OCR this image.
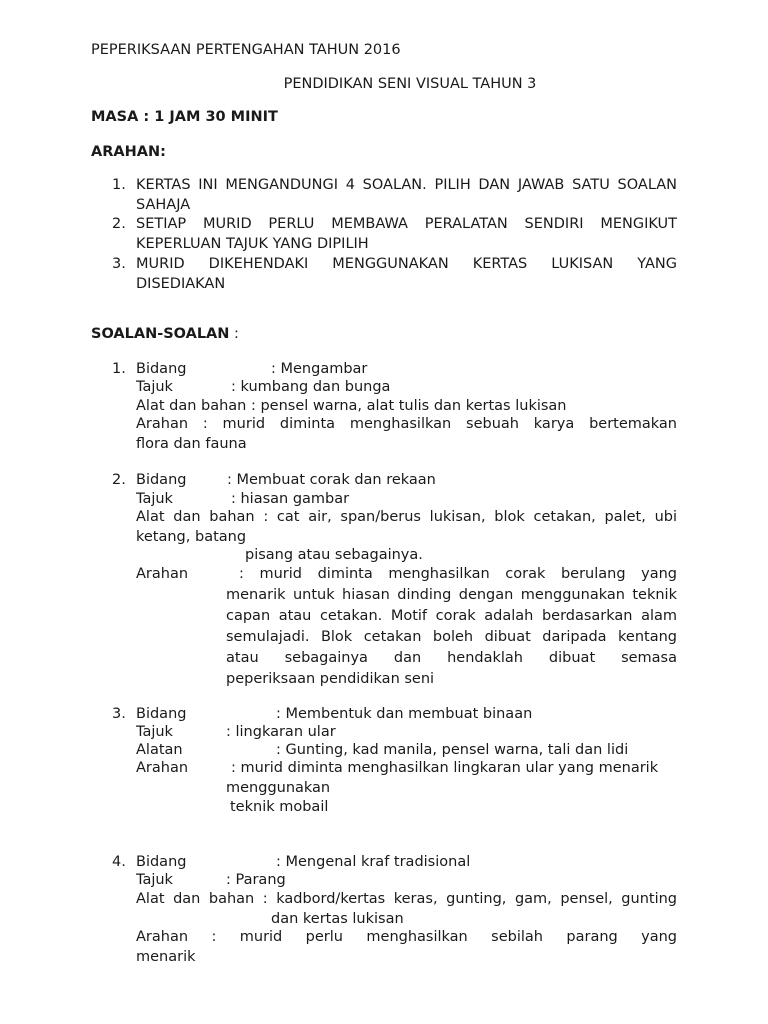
PEPERIKSAAN PERTENGAHAN TAHUN 2016
PENDIDIKAN SENI VISUAL TAHUN 3
MASA : 1 JAM 30 MINIT
ARAHAN:
1. KERTAS INI MENGANDUNGI 4 SOALAN. PILIH DAN JAWAB SATU SOALAN
SAHAJA
2. SETIAP MURID PERLU MEMBAWA PERALATAN SENDIRI MENGIKUT
KEPERLUAN TAJUK YANG DIPILIH
3. MURID DIKEHENDAKI MENGGUNAKAN KERTAS LUKISAN YANG
DISEDIAKAN
SOALAN-SOALAN :
1. Bidang	: Mengambar
Tajuk	: kumbang dan bunga
Alat dan bahan : pensel warna, alat tulis dan kertas lukisan
Arahan : murid diminta menghasilkan sebuah karya bertemakan
flora dan fauna
2. Bidang	: Membuat corak dan rekaan
Tajuk	: hiasan gambar
Alat dan bahan : cat air, span/berus lukisan, blok cetakan, palet, ubi
ketang, batang
pisang atau sebagainya.
Arahan	: murid diminta menghasilkan corak berulang yang
menarik untuk hiasan dinding dengan menggunakan teknik
capan atau cetakan. Motif corak adalah berdasarkan alam
semulajadi. Blok cetakan boleh dibuat daripada kentang
atau sebagainya dan hendaklah dibuat semasa
peperiksaan pendidikan seni
3. Bidang	: Membentuk dan membuat binaan
Tajuk	: lingkaran ular
Alatan	: Gunting, kad manila, pensel warna, tali dan lidi
Arahan	: murid diminta menghasilkan lingkaran ular yang menarik
menggunakan
teknik mobail
4. Bidang	: Mengenal kraf tradisional
Tajuk	: Parang
Alat dan bahan : kadbord/kertas keras, gunting, gam, pensel, gunting
dan kertas lukisan
Arahan : murid perlu menghasilkan sebilah parang yang
menarik
